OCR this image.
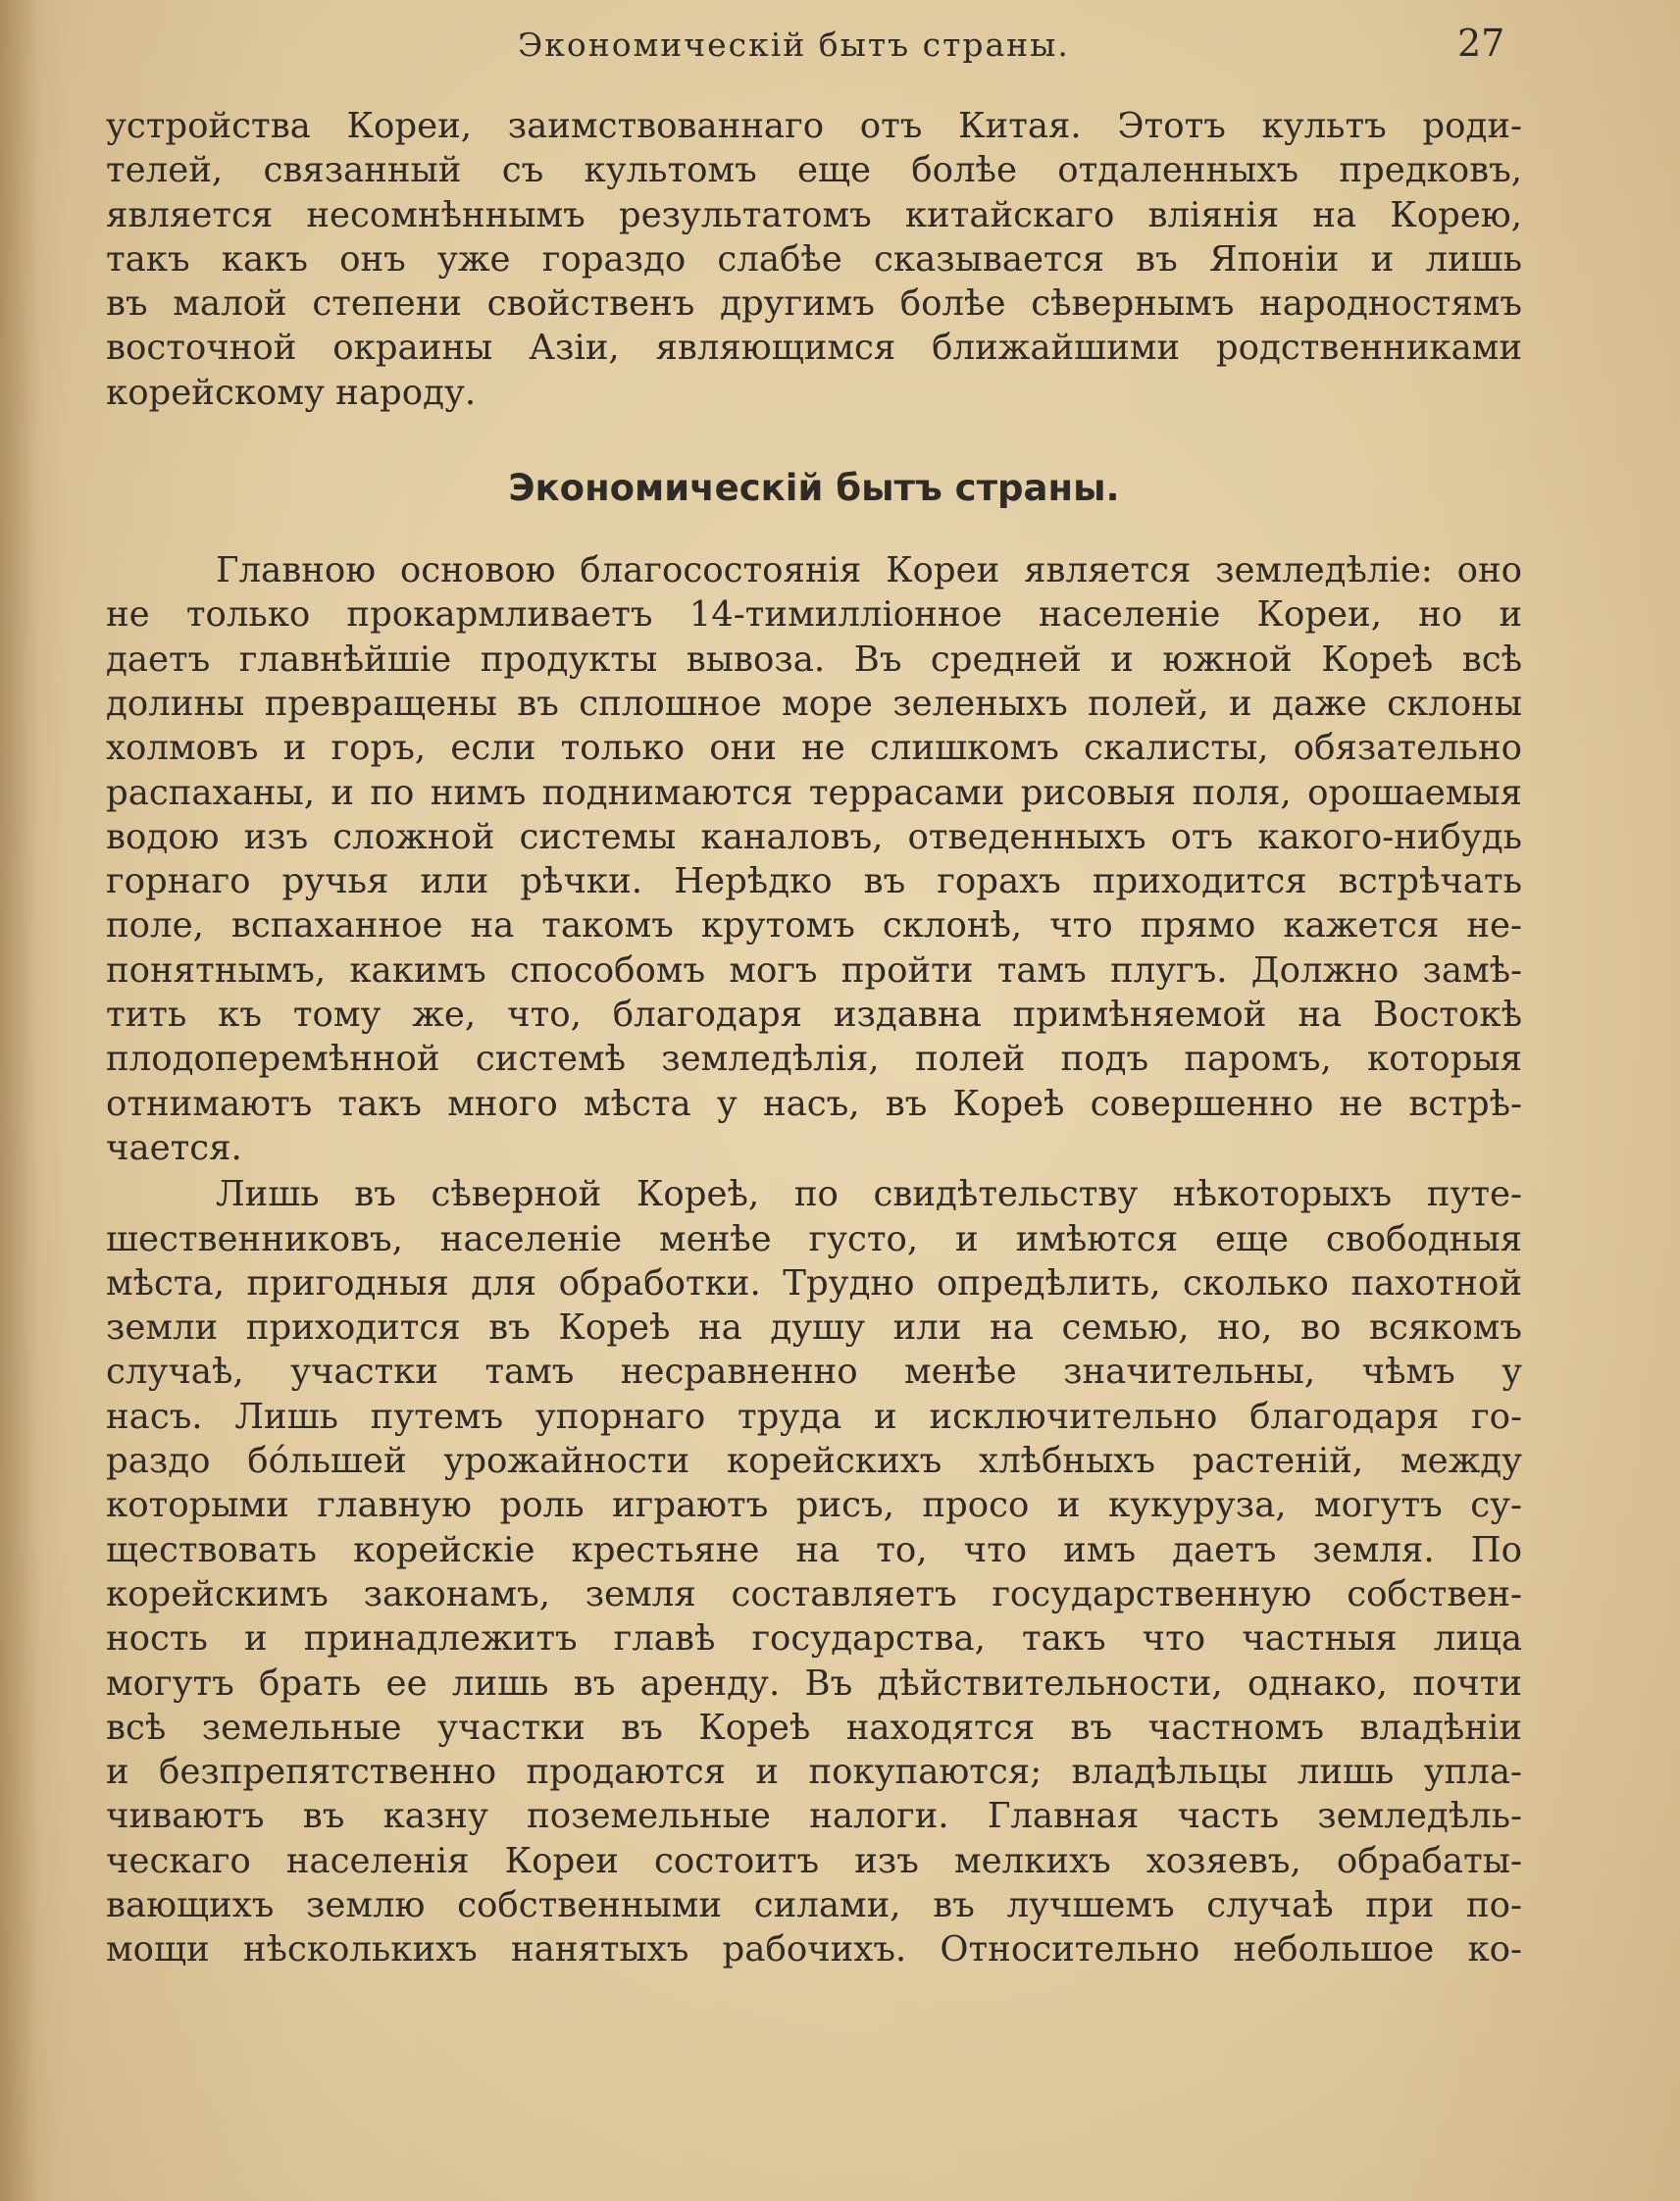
Экономическій бытъ страны.	27
устройства Кореи, заимствованнаго отъ Китая. Этотъ культъ роди-
телей, связанный съ культомъ еще болѣе отдаленныхъ предковъ,
является несомнѣннымъ результатомъ китайскаго вліянія на Корею,
такъ какъ онъ уже гораздо слабѣе сказывается въ Японіи и лишь
въ малой степени свойственъ другимъ болѣе сѣвернымъ народностямъ
восточной окраины Азіи, являющимся ближайшими родственниками
корейскому народу.
Экономическій бытъ страны.
Главною основою благосостоянія Кореи является земледѣліе: оно
не только прокармливаетъ 14-тимилліонное населеніе Кореи, но и
даетъ главнѣйшіе продукты вывоза. Въ средней и южной Кореѣ всѣ
долины превращены въ сплошное море зеленыхъ полей, и даже склоны
холмовъ и горъ, если только они не слишкомъ скалисты, обязательно
распаханы, и по нимъ поднимаются террасами рисовыя поля, орошаемыя
водою изъ сложной системы каналовъ, отведенныхъ отъ какого-нибудь
горнаго ручья или рѣчки. Нерѣдко въ горахъ приходится встрѣчать
поле, вспаханное на такомъ крутомъ склонѣ, что прямо кажется не-
понятнымъ, какимъ способомъ могъ пройти тамъ плугъ. Должно замѣ-
тить къ тому же, что, благодаря издавна примѣняемой на Востокѣ
плодоперемѣнной системѣ земледѣлія, полей подъ паромъ, которыя
отнимаютъ такъ много мѣста у насъ, въ Кореѣ совершенно не встрѣ-
чается.
Лишь въ сѣверной Кореѣ, по свидѣтельству нѣкоторыхъ путе-
шественниковъ, населеніе менѣе густо, и имѣются еще свободныя
мѣста, пригодныя для обработки. Трудно опредѣлить, сколько пахотной
земли приходится въ Кореѣ на душу или на семью, но, во всякомъ
случаѣ, участки тамъ несравненно менѣе значительны, чѣмъ у
насъ. Лишь путемъ упорнаго труда и исключительно благодаря го-
раздо бо́льшей урожайности корейскихъ хлѣбныхъ растеній, между
которыми главную роль играютъ рисъ, просо и кукуруза, могутъ су-
ществовать корейскіе крестьяне на то, что имъ даетъ земля. По
корейскимъ законамъ, земля составляетъ государственную собствен-
ность и принадлежитъ главѣ государства, такъ что частныя лица
могутъ брать ее лишь въ аренду. Въ дѣйствительности, однако, почти
всѣ земельные участки въ Кореѣ находятся въ частномъ владѣніи
и безпрепятственно продаются и покупаются; владѣльцы лишь упла-
чиваютъ въ казну поземельные налоги. Главная часть земледѣль-
ческаго населенія Кореи состоитъ изъ мелкихъ хозяевъ, обрабаты-
вающихъ землю собственными силами, въ лучшемъ случаѣ при по-
мощи нѣсколькихъ нанятыхъ рабочихъ. Относительно небольшое ко-
